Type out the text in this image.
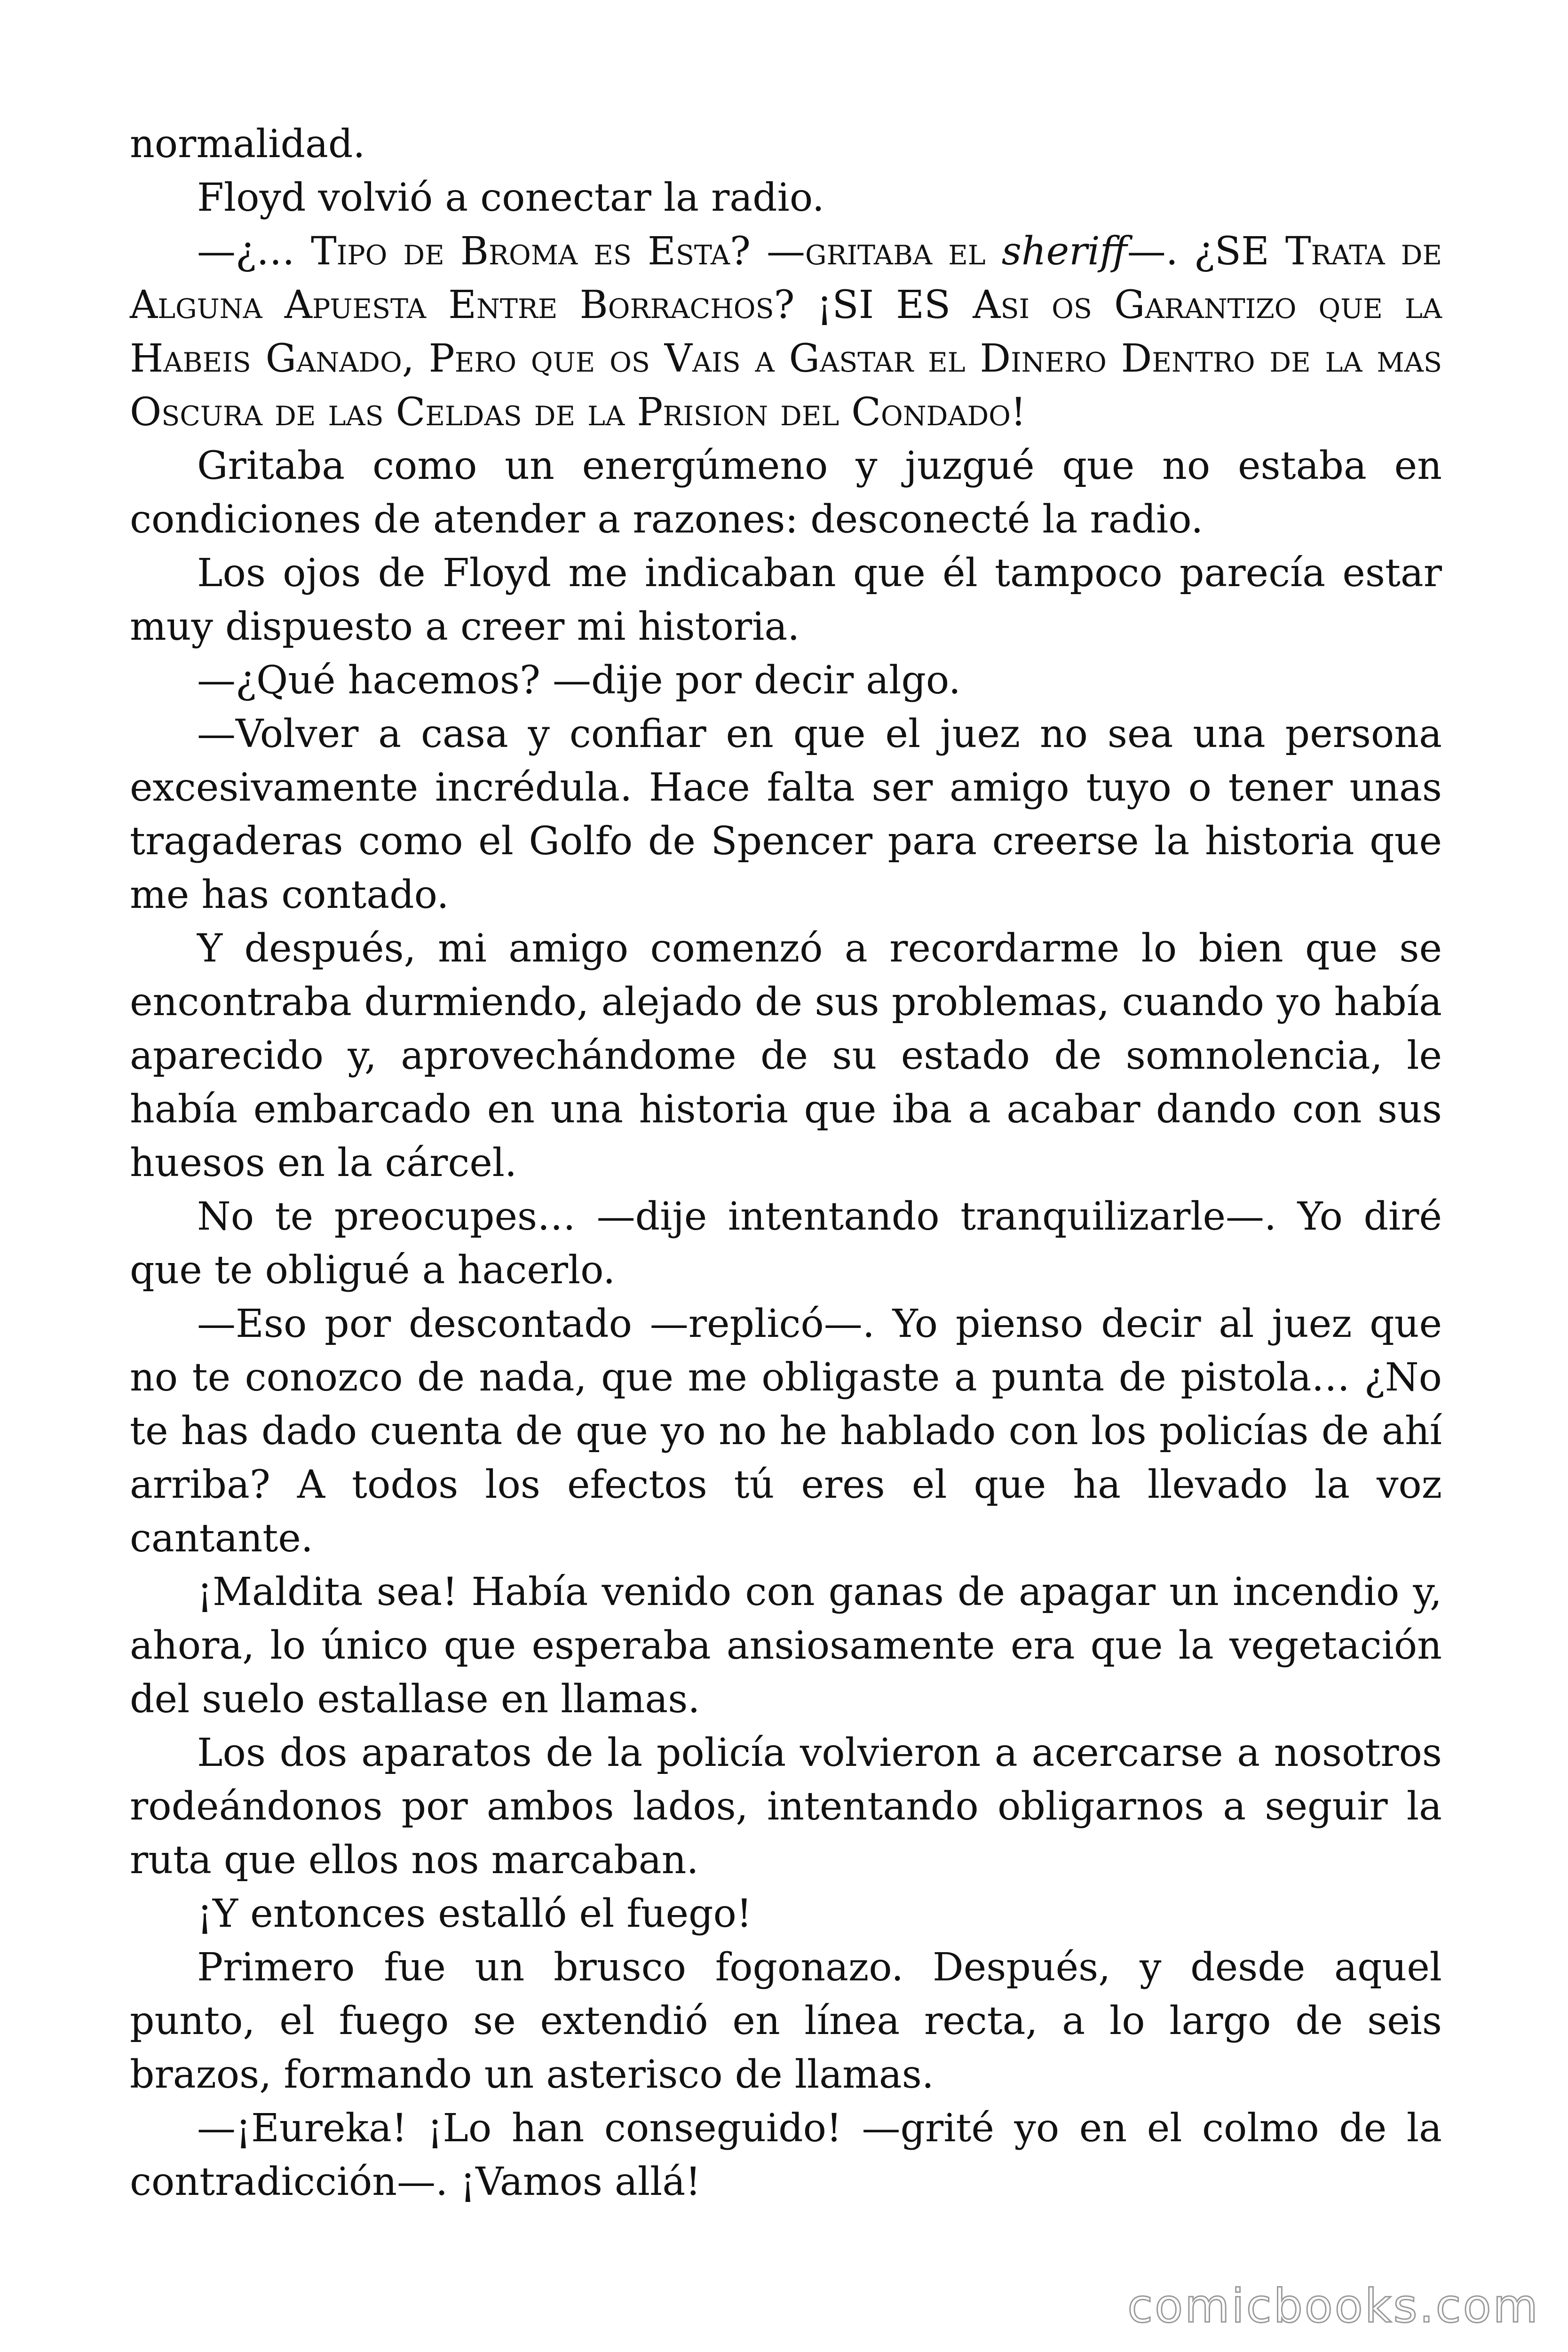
normalidad.

Floyd volvió a conectar la radio.

—¿… Tipo de Broma es Esta? —gritaba el sheriff—. ¿SE Trata de Alguna Apuesta Entre Borrachos? ¡SI ES Asi os Garantizo que la Habeis Ganado, Pero que os Vais a Gastar el Dinero Dentro de la mas Oscura de las Celdas de la Prision del Condado!

Gritaba como un energúmeno y juzgué que no estaba en condiciones de atender a razones: desconecté la radio.

Los ojos de Floyd me indicaban que él tampoco parecía estar muy dispuesto a creer mi historia.

—¿Qué hacemos? —dije por decir algo.

—Volver a casa y confiar en que el juez no sea una persona excesivamente incrédula. Hace falta ser amigo tuyo o tener unas tragaderas como el Golfo de Spencer para creerse la historia que me has contado.

Y después, mi amigo comenzó a recordarme lo bien que se encontraba durmiendo, alejado de sus problemas, cuando yo había aparecido y, aprovechándome de su estado de somnolencia, le había embarcado en una historia que iba a acabar dando con sus huesos en la cárcel.

No te preocupes… —dije intentando tranquilizarle—. Yo diré que te obligué a hacerlo.

—Eso por descontado —replicó—. Yo pienso decir al juez que no te conozco de nada, que me obligaste a punta de pistola… ¿No te has dado cuenta de que yo no he hablado con los policías de ahí arriba? A todos los efectos tú eres el que ha llevado la voz cantante.

¡Maldita sea! Había venido con ganas de apagar un incendio y, ahora, lo único que esperaba ansiosamente era que la vegetación del suelo estallase en llamas.

Los dos aparatos de la policía volvieron a acercarse a nosotros rodeándonos por ambos lados, intentando obligarnos a seguir la ruta que ellos nos marcaban.

¡Y entonces estalló el fuego!

Primero fue un brusco fogonazo. Después, y desde aquel punto, el fuego se extendió en línea recta, a lo largo de seis brazos, formando un asterisco de llamas.

—¡Eureka! ¡Lo han conseguido! —grité yo en el colmo de la contradicción—. ¡Vamos allá!

comicbooks.com
